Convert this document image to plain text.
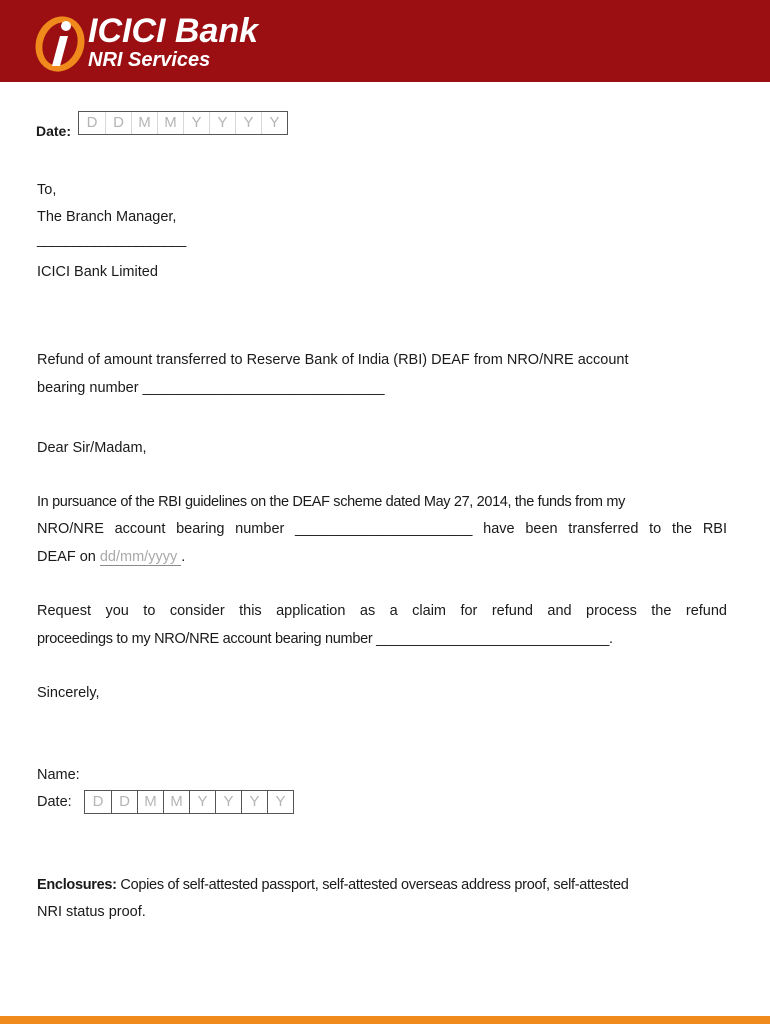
ICICI Bank
NRI Services
Date:	D	D M M Y	Y	Y	Y
To,
The Branch Manager,
_____________________
ICICI Bank Limited
Refund of amount transferred to Reserve Bank of India (RBI) DEAF from NRO/NRE account
bearing number ______________________________
Dear Sir/Madam,
In pursuance of the RBI guidelines on the DEAF scheme dated May 27, 2014, the funds from my
NRO/NRE account bearing number ______________________ have been transferred to the RBI
DEAF on dd/mm/yyyy .
Request you to consider this application as a claim for refund and process the refund
proceedings to my NRO/NRE account bearing number ______________________________.
Sincerely,
Name:
Date:	D	D M M Y	Y	Y	Y
Enclosures: Copies of self-attested passport, self-attested overseas address proof, self-attested
NRI status proof.
